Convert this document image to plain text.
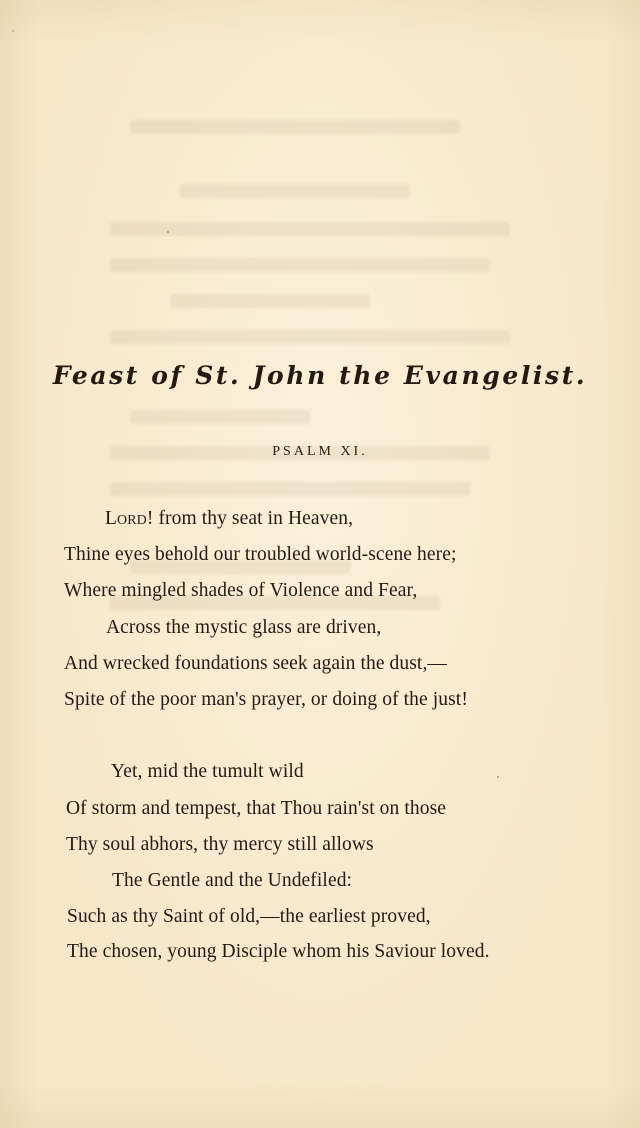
Feast of St. John the Evangelist.
PSALM XI.
Lord! from thy seat in Heaven,
Thine eyes behold our troubled world-scene here;
Where mingled shades of Violence and Fear,
Across the mystic glass are driven,
And wrecked foundations seek again the dust,—
Spite of the poor man's prayer, or doing of the just!
Yet, mid the tumult wild
Of storm and tempest, that Thou rain'st on those
Thy soul abhors, thy mercy still allows
The Gentle and the Undefiled:
Such as thy Saint of old,—the earliest proved,
The chosen, young Disciple whom his Saviour loved.
